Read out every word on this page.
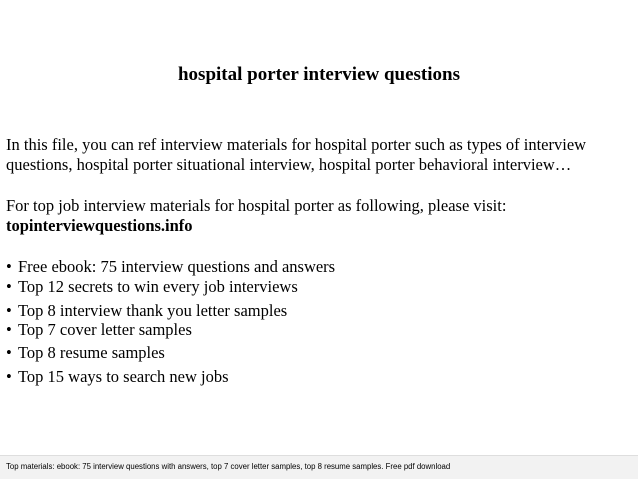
hospital porter interview questions
In this file, you can ref interview materials for hospital porter such as types of interview
questions, hospital porter situational interview, hospital porter behavioral interview…
For top job interview materials for hospital porter as following, please visit:
topinterviewquestions.info
• Free ebook: 75 interview questions and answers
• Top 12 secrets to win every job interviews
• Top 8 interview thank you letter samples
• Top 7 cover letter samples
• Top 8 resume samples
• Top 15 ways to search new jobs
Top materials: ebook: 75 interview questions with answers, top 7 cover letter samples, top 8 resume samples. Free pdf download
